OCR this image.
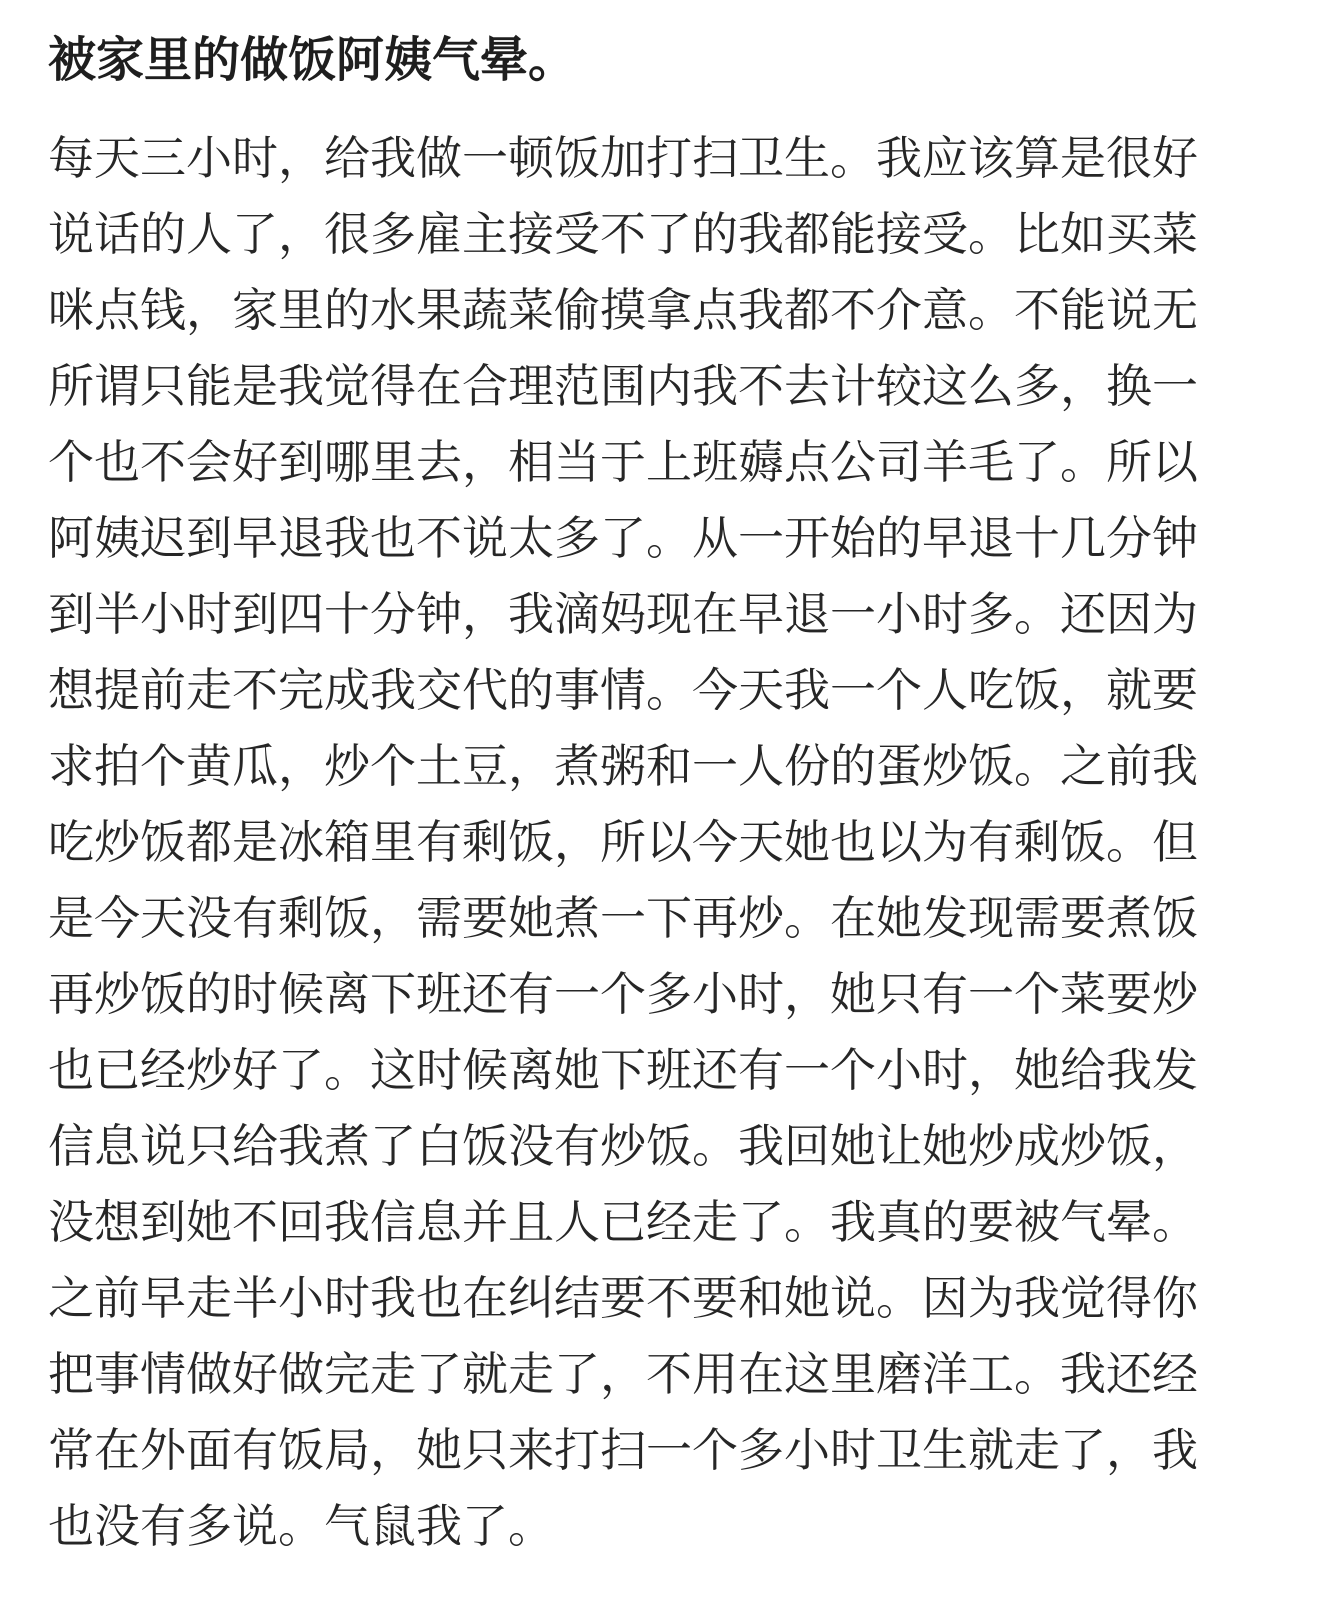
被家里的做饭阿姨气晕。
每天三小时，给我做一顿饭加打扫卫生。我应该算是很好
说话的人了，很多雇主接受不了的我都能接受。比如买菜
咪点钱，家里的水果蔬菜偷摸拿点我都不介意。不能说无
所谓只能是我觉得在合理范围内我不去计较这么多，换一
个也不会好到哪里去，相当于上班薅点公司羊毛了。所以
阿姨迟到早退我也不说太多了。从一开始的早退十几分钟
到半小时到四十分钟，我滴妈现在早退一小时多。还因为
想提前走不完成我交代的事情。今天我一个人吃饭，就要
求拍个黄瓜，炒个土豆，煮粥和一人份的蛋炒饭。之前我
吃炒饭都是冰箱里有剩饭，所以今天她也以为有剩饭。但
是今天没有剩饭，需要她煮一下再炒。在她发现需要煮饭
再炒饭的时候离下班还有一个多小时，她只有一个菜要炒
也已经炒好了。这时候离她下班还有一个小时，她给我发
信息说只给我煮了白饭没有炒饭。我回她让她炒成炒饭，
没想到她不回我信息并且人已经走了。我真的要被气晕。
之前早走半小时我也在纠结要不要和她说。因为我觉得你
把事情做好做完走了就走了，不用在这里磨洋工。我还经
常在外面有饭局，她只来打扫一个多小时卫生就走了，我
也没有多说。气鼠我了。
